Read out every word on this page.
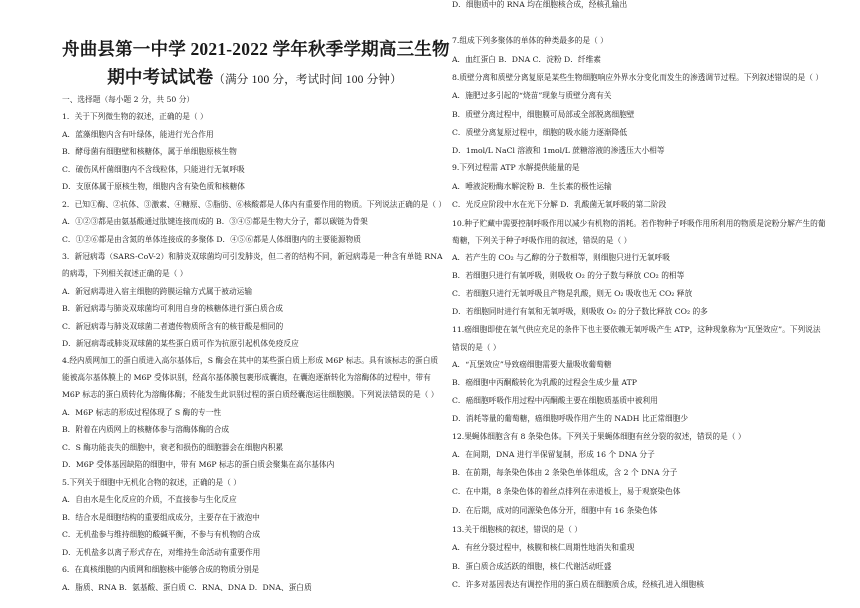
舟曲县第一中学 2021-2022 学年秋季学期高三生物
期中考试试卷（满分 100 分，考试时间 100 分钟）
一、选择题（每小题 2 分，共 50 分）
1．关于下列微生物的叙述，正确的是（ ）
A．蓝藻细胞内含有叶绿体，能进行光合作用
B．酵母菌有细胞壁和核糖体，属于单细胞原核生物
C．破伤风杆菌细胞内不含线粒体，只能进行无氧呼吸
D．支原体属于原核生物，细胞内含有染色质和核糖体
2．已知①酶、②抗体、③激素、④糖原、⑤脂肪、⑥核酸都是人体内有重要作用的物质。下列说法正确的是（ ）
A．①②③都是由氨基酸通过肽键连接而成的 B．③④⑤都是生物大分子，都以碳链为骨架
C．①②⑥都是由含氮的单体连接成的多聚体 D．④⑤⑥都是人体细胞内的主要能源物质
3．新冠病毒（SARS-CoV-2）和肺炎双球菌均可引发肺炎，但二者的结构不同，新冠病毒是一种含有单链 RNA
的病毒，下列相关叙述正确的是（ ）
A．新冠病毒进入宿主细胞的跨膜运输方式属于被动运输
B．新冠病毒与肺炎双球菌均可利用自身的核糖体进行蛋白质合成
C．新冠病毒与肺炎双球菌二者遗传物质所含有的核苷酸是相同的
D．新冠病毒或肺炎双球菌的某些蛋白质可作为抗原引起机体免疫反应
4.经内质网加工的蛋白质进入高尔基体后，S 酶会在其中的某些蛋白质上形成 M6P 标志。具有该标志的蛋白质
能被高尔基体膜上的 M6P 受体识别，经高尔基体膜包裹形成囊泡，在囊泡逐渐转化为溶酶体的过程中，带有
M6P 标志的蛋白质转化为溶酶体酶；不能发生此识别过程的蛋白质经囊泡运往细胞膜。下列说法错误的是（ ）
A．M6P 标志的形成过程体现了 S 酶的专一性
B．附着在内质网上的核糖体参与溶酶体酶的合成
C．S 酶功能丧失的细胞中，衰老和损伤的细胞器会在细胞内积累
D．M6P 受体基因缺陷的细胞中，带有 M6P 标志的蛋白质会聚集在高尔基体内
5.下列关于细胞中无机化合物的叙述，正确的是（ ）
A．自由水是生化反应的介质，不直接参与生化反应
B．结合水是细胞结构的重要组成成分，主要存在于液泡中
C．无机盐参与维持细胞的酸碱平衡，不参与有机物的合成
D．无机盐多以离子形式存在，对维持生命活动有重要作用
6．在真核细胞的内质网和细胞核中能够合成的物质分别是
A．脂质、RNA B．氨基酸、蛋白质 C．RNA、DNA D．DNA、蛋白质
7.组成下列多聚体的单体的种类最多的是（ ）
A．血红蛋白 B．DNA C．淀粉 D．纤维素
8.质壁分离和质壁分离复原是某些生物细胞响应外界水分变化而发生的渗透调节过程。下列叙述错误的是（ ）
A．施肥过多引起的“烧苗”现象与质壁分离有关
B．质壁分离过程中，细胞膜可局部或全部脱离细胞壁
C．质壁分离复原过程中，细胞的吸水能力逐渐降低
D．1mol/L NaCl 溶液和 1mol/L 蔗糖溶液的渗透压大小相等
9.下列过程需 ATP 水解提供能量的是
A．唾液淀粉酶水解淀粉 B．生长素的极性运输
C．光反应阶段中水在光下分解 D．乳酸菌无氧呼吸的第二阶段
10.种子贮藏中需要控制呼吸作用以减少有机物的消耗。若作物种子呼吸作用所利用的物质是淀粉分解产生的葡
萄糖，下列关于种子呼吸作用的叙述，错误的是（ ）
A．若产生的 CO₂ 与乙醇的分子数相等，则细胞只进行无氧呼吸
B．若细胞只进行有氧呼吸，则吸收 O₂ 的分子数与释放 CO₂ 的相等
C．若细胞只进行无氧呼吸且产物是乳酸，则无 O₂ 吸收也无 CO₂ 释放
D．若细胞同时进行有氧和无氧呼吸，则吸收 O₂ 的分子数比释放 CO₂ 的多
11.癌细胞即使在氧气供应充足的条件下也主要依赖无氧呼吸产生 ATP，这种现象称为“瓦堡效应”。下列说法
错误的是（ ）
A．“瓦堡效应”导致癌细胞需要大量吸收葡萄糖
B．癌细胞中丙酮酸转化为乳酸的过程会生成少量 ATP
C．癌细胞呼吸作用过程中丙酮酸主要在细胞质基质中被利用
D．消耗等量的葡萄糖，癌细胞呼吸作用产生的 NADH 比正常细胞少
12.果蝇体细胞含有 8 条染色体。下列关于果蝇体细胞有丝分裂的叙述，错误的是（ ）
A．在间期，DNA 进行半保留复制，形成 16 个 DNA 分子
B．在前期，每条染色体由 2 条染色单体组成，含 2 个 DNA 分子
C．在中期，8 条染色体的着丝点排列在赤道板上，易于观察染色体
D．在后期，成对的同源染色体分开，细胞中有 16 条染色体
13.关于细胞核的叙述，错误的是（ ）
A．有丝分裂过程中，核膜和核仁周期性地消失和重现
B．蛋白质合成活跃的细胞，核仁代谢活动旺盛
C．许多对基因表达有调控作用的蛋白质在细胞质合成，经核孔进入细胞核
D．细胞质中的 RNA 均在细胞核合成，经核孔输出
